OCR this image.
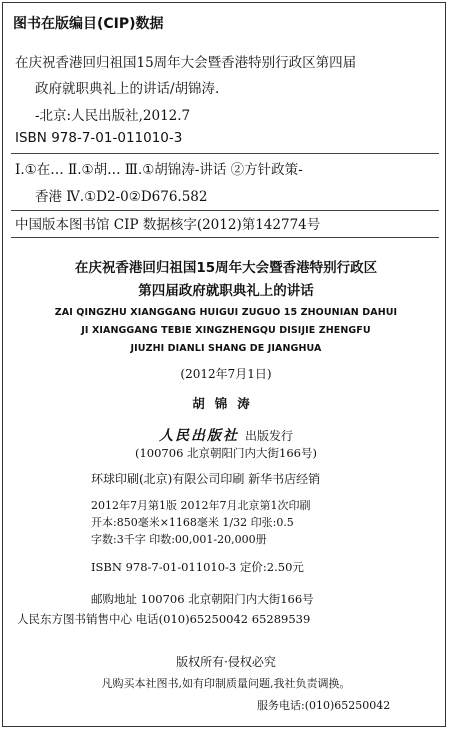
图书在版编目(CIP)数据
在庆祝香港回归祖国15周年大会暨香港特别行政区第四届
政府就职典礼上的讲话/胡锦涛.
-北京:人民出版社,2012.7
ISBN 978-7-01-011010-3
Ⅰ.①在… Ⅱ.①胡… Ⅲ.①胡锦涛-讲话 ②方针政策-
香港 Ⅳ.①D2-0②D676.582
中国版本图书馆 CIP 数据核字(2012)第142774号
在庆祝香港回归祖国15周年大会暨香港特别行政区
第四届政府就职典礼上的讲话
ZAI QINGZHU XIANGGANG HUIGUI ZUGUO 15 ZHOUNIAN DAHUI
JI XIANGGANG TEBIE XINGZHENGQU DISIJIE ZHENGFU
JIUZHI DIANLI SHANG DE JIANGHUA
(2012年7月1日)
胡锦涛
人民出版社 出版发行
(100706 北京朝阳门内大街166号)
环球印刷(北京)有限公司印刷 新华书店经销
2012年7月第1版 2012年7月北京第1次印刷
开本:850毫米×1168毫米 1/32 印张:0.5
字数:3千字 印数:00,001-20,000册
ISBN 978-7-01-011010-3 定价:2.50元
邮购地址 100706 北京朝阳门内大街166号
人民东方图书销售中心 电话(010)65250042 65289539
版权所有·侵权必究
凡购买本社图书,如有印制质量问题,我社负责调换。
服务电话:(010)65250042
